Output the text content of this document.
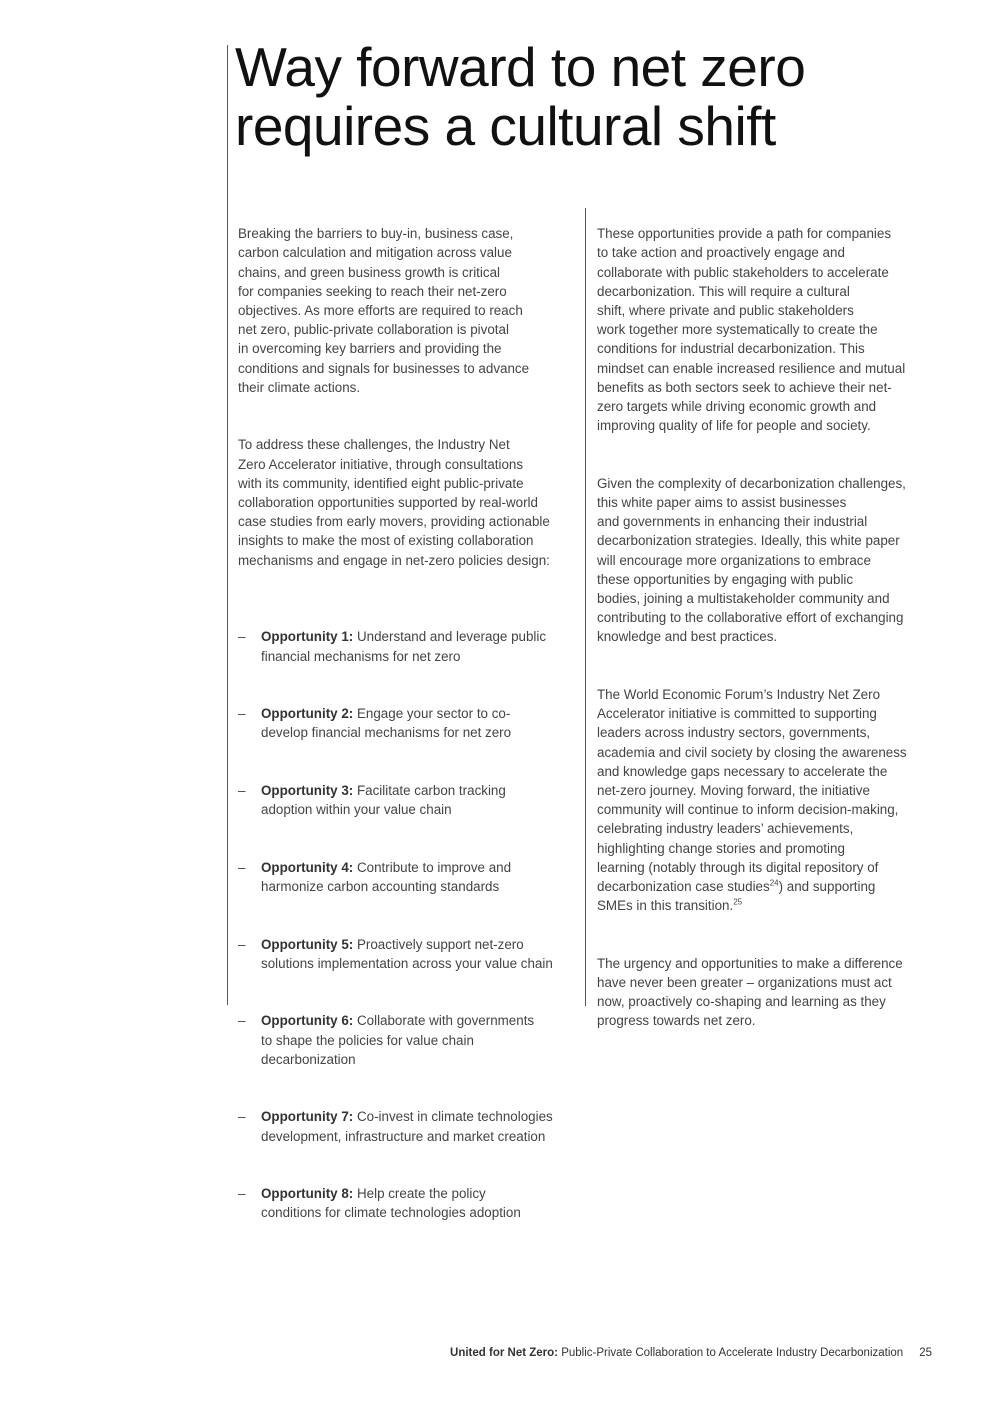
Way forward to net zero
requires a cultural shift

Breaking the barriers to buy-in, business case,
carbon calculation and mitigation across value
chains, and green business growth is critical
for companies seeking to reach their net-zero
objectives. As more efforts are required to reach
net zero, public-private collaboration is pivotal
in overcoming key barriers and providing the
conditions and signals for businesses to advance
their climate actions.

To address these challenges, the Industry Net
Zero Accelerator initiative, through consultations
with its community, identified eight public-private
collaboration opportunities supported by real-world
case studies from early movers, providing actionable
insights to make the most of existing collaboration
mechanisms and engage in net-zero policies design:

– Opportunity 1: Understand and leverage public
financial mechanisms for net zero

– Opportunity 2: Engage your sector to co-
develop financial mechanisms for net zero

– Opportunity 3: Facilitate carbon tracking
adoption within your value chain

– Opportunity 4: Contribute to improve and
harmonize carbon accounting standards

– Opportunity 5: Proactively support net-zero
solutions implementation across your value chain

– Opportunity 6: Collaborate with governments
to shape the policies for value chain
decarbonization

– Opportunity 7: Co-invest in climate technologies
development, infrastructure and market creation

– Opportunity 8: Help create the policy
conditions for climate technologies adoption

These opportunities provide a path for companies
to take action and proactively engage and
collaborate with public stakeholders to accelerate
decarbonization. This will require a cultural
shift, where private and public stakeholders
work together more systematically to create the
conditions for industrial decarbonization. This
mindset can enable increased resilience and mutual
benefits as both sectors seek to achieve their net-
zero targets while driving economic growth and
improving quality of life for people and society.

Given the complexity of decarbonization challenges,
this white paper aims to assist businesses
and governments in enhancing their industrial
decarbonization strategies. Ideally, this white paper
will encourage more organizations to embrace
these opportunities by engaging with public
bodies, joining a multistakeholder community and
contributing to the collaborative effort of exchanging
knowledge and best practices.

The World Economic Forum’s Industry Net Zero
Accelerator initiative is committed to supporting
leaders across industry sectors, governments,
academia and civil society by closing the awareness
and knowledge gaps necessary to accelerate the
net-zero journey. Moving forward, the initiative
community will continue to inform decision-making,
celebrating industry leaders’ achievements,
highlighting change stories and promoting
learning (notably through its digital repository of
decarbonization case studies$^{24}$) and supporting
SMEs in this transition.$^{25}$

The urgency and opportunities to make a difference
have never been greater – organizations must act
now, proactively co-shaping and learning as they
progress towards net zero.

United for Net Zero: Public-Private Collaboration to Accelerate Industry Decarbonization 25
